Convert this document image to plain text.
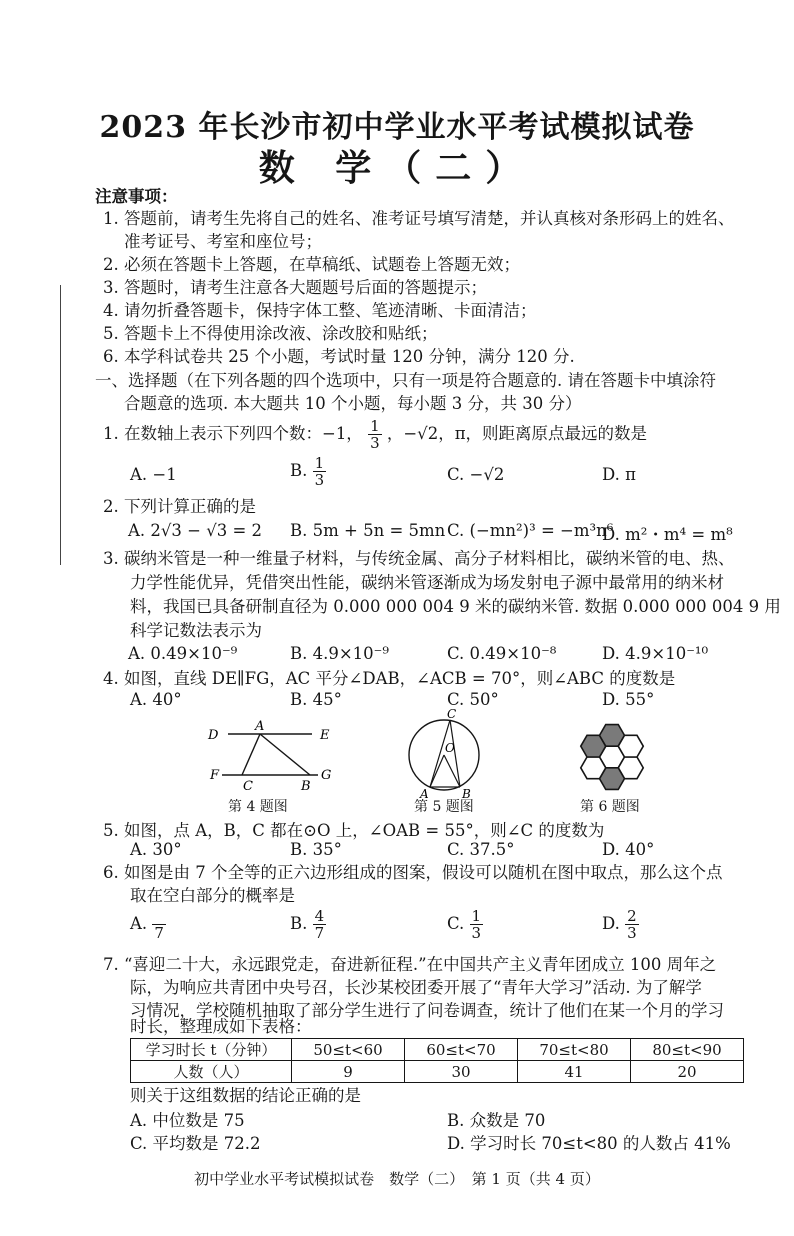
2023 年长沙市初中学业水平考试模拟试卷
数 学（二）
注意事项：
1. 答题前，请考生先将自己的姓名、准考证号填写清楚，并认真核对条形码上的姓名、
准考证号、考室和座位号；
2. 必须在答题卡上答题，在草稿纸、试题卷上答题无效；
3. 答题时，请考生注意各大题题号后面的答题提示；
4. 请勿折叠答题卡，保持字体工整、笔迹清晰、卡面清洁；
5. 答题卡上不得使用涂改液、涂改胶和贴纸；
6. 本学科试卷共 25 个小题，考试时量 120 分钟，满分 120 分.
一、选择题（在下列各题的四个选项中，只有一项是符合题意的. 请在答题卡中填涂符
合题意的选项. 本大题共 10 个小题，每小题 3 分，共 30 分）
1. 在数轴上表示下列四个数：−1， $\frac{1}{3}$ ，−√2，π，则距离原点最远的数是
A. −1	B. $\frac{1}{3}$	C. −√2	D. π
2. 下列计算正确的是
A. 2√3 − √3 = 2 B. 5m + 5n = 5mn C. (−mn²)³ = −m³n⁶
D. m²・m⁴ = m⁸
3. 碳纳米管是一种一维量子材料，与传统金属、高分子材料相比，碳纳米管的电、热、
力学性能优异，凭借突出性能，碳纳米管逐渐成为场发射电子源中最常用的纳米材
料，我国已具备研制直径为 0.000 000 004 9 米的碳纳米管. 数据 0.000 000 004 9 用
科学记数法表示为
A. 0.49×10⁻⁹	B. 4.9×10⁻⁹	C. 0.49×10⁻⁸	D. 4.9×10⁻¹⁰
4. 如图，直线 DE∥FG，AC 平分∠DAB，∠ACB = 70°，则∠ABC 的度数是
A. 40°	B. 45°	C. 50°	D. 55°
D
A
E
F
C	B
G
第 4 题图
C
O
A	B
第 5 题图	第 6 题图
5. 如图，点 A，B，C 都在⊙O 上，∠OAB = 55°，则∠C 的度数为
A. 30°	B. 35°	C. 37.5°	D. 40°
6. 如图是由 7 个全等的正六边形组成的图案，假设可以随机在图中取点，那么这个点
取在空白部分的概率是
A.
7	B. $\frac{4}{7}$	C. $\frac{1}{3}$	D. $\frac{2}{3}$
7. “喜迎二十大，永远跟党走，奋进新征程.”在中国共产主义青年团成立 100 周年之
际，为响应共青团中央号召，长沙某校团委开展了“青年大学习”活动. 为了解学
习情况，学校随机抽取了部分学生进行了问卷调查，统计了他们在某一个月的学习
时长，整理成如下表格：
学习时长 t（分钟）	50≤t<60	60≤t<70	70≤t<80	80≤t<90
人数（人）	9	30	41	20
则关于这组数据的结论正确的是
A. 中位数是 75	B. 众数是 70
C. 平均数是 72.2	D. 学习时长 70≤t<80 的人数占 41%
初中学业水平考试模拟试卷　数学（二）　第 1 页（共 4 页）
